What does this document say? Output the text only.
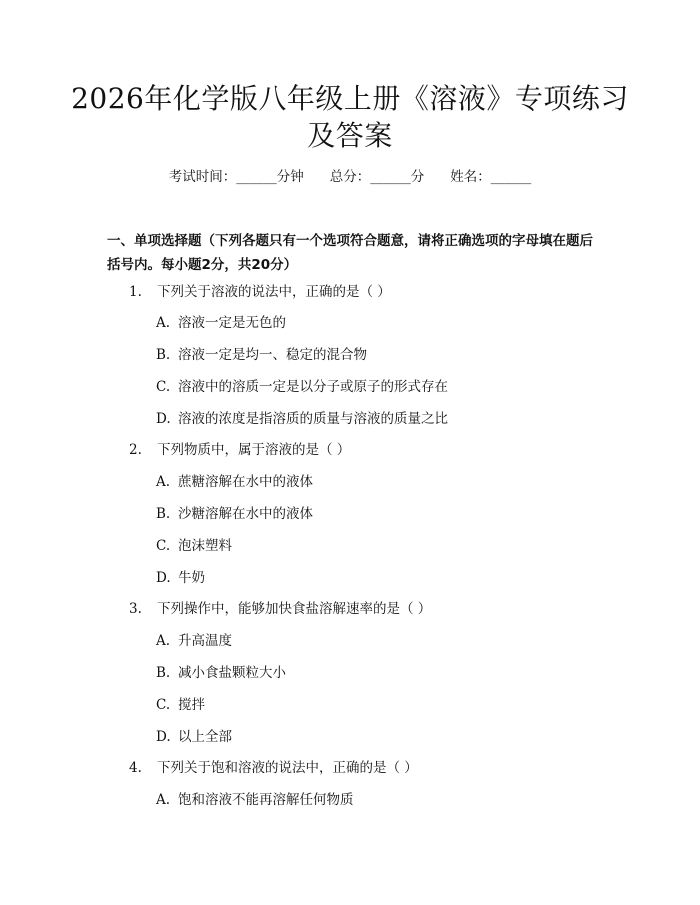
2026年化学版八年级上册《溶液》专项练习及答案
考试时间：______分钟 总分：______分 姓名：______
一、单项选择题（下列各题只有一个选项符合题意，请将正确选项的字母填在题后括号内。每小题2分，共20分）
1. 下列关于溶液的说法中，正确的是（ ）
A. 溶液一定是无色的
B. 溶液一定是均一、稳定的混合物
C. 溶液中的溶质一定是以分子或原子的形式存在
D. 溶液的浓度是指溶质的质量与溶液的质量之比
2. 下列物质中，属于溶液的是（ ）
A. 蔗糖溶解在水中的液体
B. 沙糖溶解在水中的液体
C. 泡沫塑料
D. 牛奶
3. 下列操作中，能够加快食盐溶解速率的是（ ）
A. 升高温度
B. 减小食盐颗粒大小
C. 搅拌
D. 以上全部
4. 下列关于饱和溶液的说法中，正确的是（ ）
A. 饱和溶液不能再溶解任何物质
